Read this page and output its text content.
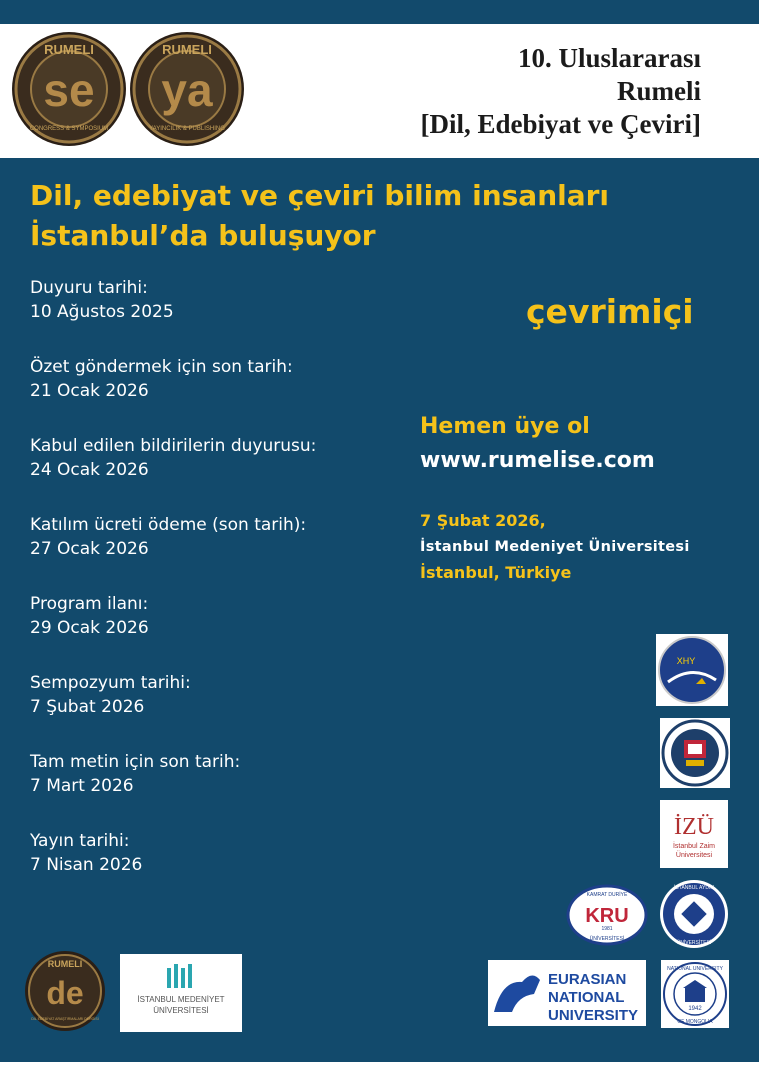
RUMELI
se
CONGRESS & SYMPOSIUM
RUMELI
ya
YAYINCILIK & PUBLISHING
10. Uluslararası
Rumeli
[Dil, Edebiyat ve Çeviri]
Dil, edebiyat ve çeviri bilim insanları
İstanbul’da buluşuyor
Duyuru tarihi:
10 Ağustos 2025
Özet göndermek için son tarih:
21 Ocak 2026
Kabul edilen bildirilerin duyurusu:
24 Ocak 2026
Katılım ücreti ödeme (son tarih):
27 Ocak 2026
Program ilanı:
29 Ocak 2026
Sempozyum tarihi:
7 Şubat 2026
Tam metin için son tarih:
7 Mart 2026
Yayın tarihi:
7 Nisan 2026
çevrimiçi
Hemen üye ol
www.rumelise.com
7 Şubat 2026,
İstanbul Medeniyet Üniversitesi
İstanbul, Türkiye
XHY
İZÜ
İstanbul Zaim
Üniversitesi
KAMRAT DURİYE
KRU
1981
ÜNİVERSİTESİ
İSTANBUL AYDIN
ÜNİVERSİTESİ
EURASIAN
NATIONAL
UNIVERSITY
NATIONAL UNIVERSITY
1942
OF MONGOLIA
RUMELI
de
DİL EDEBİYAT ARAŞTIRMALARI DERGİSİ
İSTANBUL MEDENİYET
ÜNİVERSİTESİ
